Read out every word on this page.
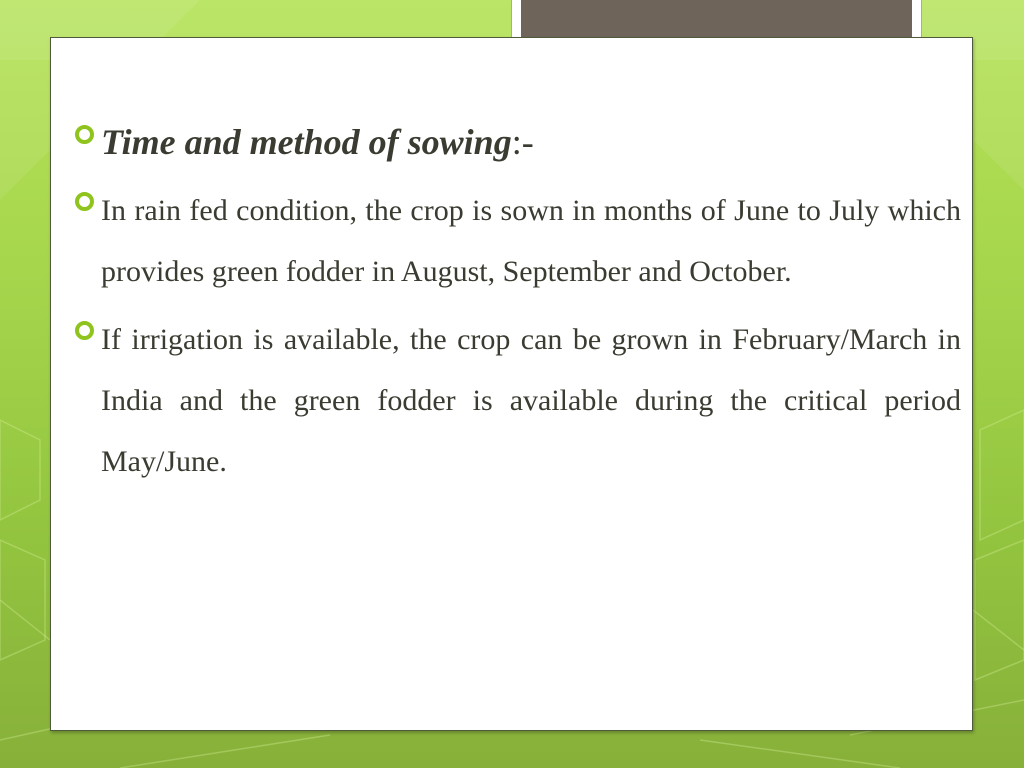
Time and method of sowing:-
In rain fed condition, the crop is sown in months of June to July which provides green fodder in August, September and October.
If irrigation is available, the crop can be grown in February/March in India and the green fodder is available during the critical period May/June.
